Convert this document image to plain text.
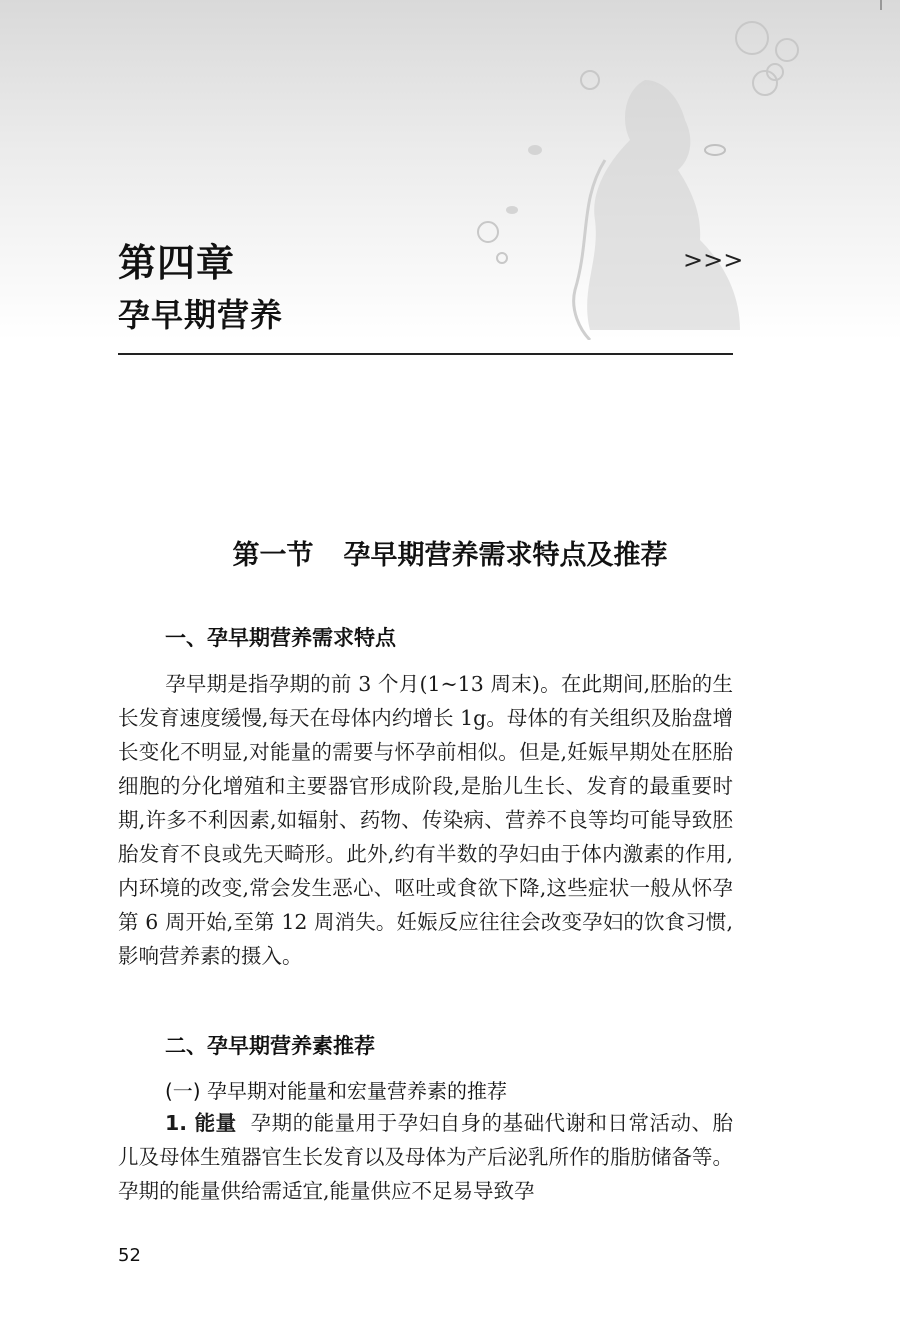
第四章
孕早期营养
>>>
第一节 孕早期营养需求特点及推荐
一、孕早期营养需求特点

孕早期是指孕期的前 3 个月(1~13 周末)。在此期间,胚胎的生长发育速度缓慢,每天在母体内约增长 1g。母体的有关组织及胎盘增长变化不明显,对能量的需要与怀孕前相似。但是,妊娠早期处在胚胎细胞的分化增殖和主要器官形成阶段,是胎儿生长、发育的最重要时期,许多不利因素,如辐射、药物、传染病、营养不良等均可能导致胚胎发育不良或先天畸形。此外,约有半数的孕妇由于体内激素的作用,内环境的改变,常会发生恶心、呕吐或食欲下降,这些症状一般从怀孕第 6 周开始,至第 12 周消失。妊娠反应往往会改变孕妇的饮食习惯,影响营养素的摄入。

二、孕早期营养素推荐
(一) 孕早期对能量和宏量营养素的推荐

1. 能量 孕期的能量用于孕妇自身的基础代谢和日常活动、胎儿及母体生殖器官生长发育以及母体为产后泌乳所作的脂肪储备等。孕期的能量供给需适宜,能量供应不足易导致孕

52
